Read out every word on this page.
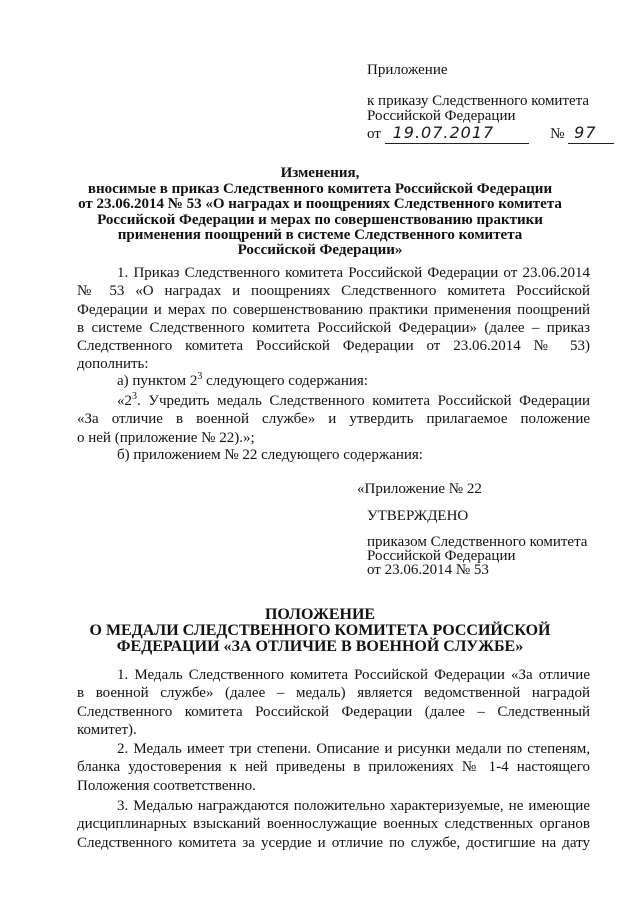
Приложение
к приказу Следственного комитета
Российской Федерации
от 19.07.2017	№ 97
Изменения,
вносимые в приказ Следственного комитета Российской Федерации
от 23.06.2014 № 53 «О наградах и поощрениях Следственного комитета
Российской Федерации и мерах по совершенствованию практики
применения поощрений в системе Следственного комитета
Российской Федерации»
1. Приказ Следственного комитета Российской Федерации от 23.06.2014
№ 53 «О наградах и поощрениях Следственного комитета Российской
Федерации и мерах по совершенствованию практики применения поощрений
в системе Следственного комитета Российской Федерации» (далее – приказ
Следственного комитета Российской Федерации от 23.06.2014 № 53)
дополнить:
а) пунктом $2^3$ следующего содержания:
«$2^3$. Учредить медаль Следственного комитета Российской Федерации
«За отличие в военной службе» и утвердить прилагаемое положение
о ней (приложение № 22).»;
б) приложением № 22 следующего содержания:
«Приложение № 22
УТВЕРЖДЕНО
приказом Следственного комитета
Российской Федерации
от 23.06.2014 № 53
ПОЛОЖЕНИЕ
О МЕДАЛИ СЛЕДСТВЕННОГО КОМИТЕТА РОССИЙСКОЙ
ФЕДЕРАЦИИ «ЗА ОТЛИЧИЕ В ВОЕННОЙ СЛУЖБЕ»
1. Медаль Следственного комитета Российской Федерации «За отличие
в военной службе» (далее – медаль) является ведомственной наградой
Следственного комитета Российской Федерации (далее – Следственный
комитет).
2. Медаль имеет три степени. Описание и рисунки медали по степеням,
бланка удостоверения к ней приведены в приложениях № 1-4 настоящего
Положения соответственно.
3. Медалью награждаются положительно характеризуемые, не имеющие
дисциплинарных взысканий военнослужащие военных следственных органов
Следственного комитета за усердие и отличие по службе, достигшие на дату
